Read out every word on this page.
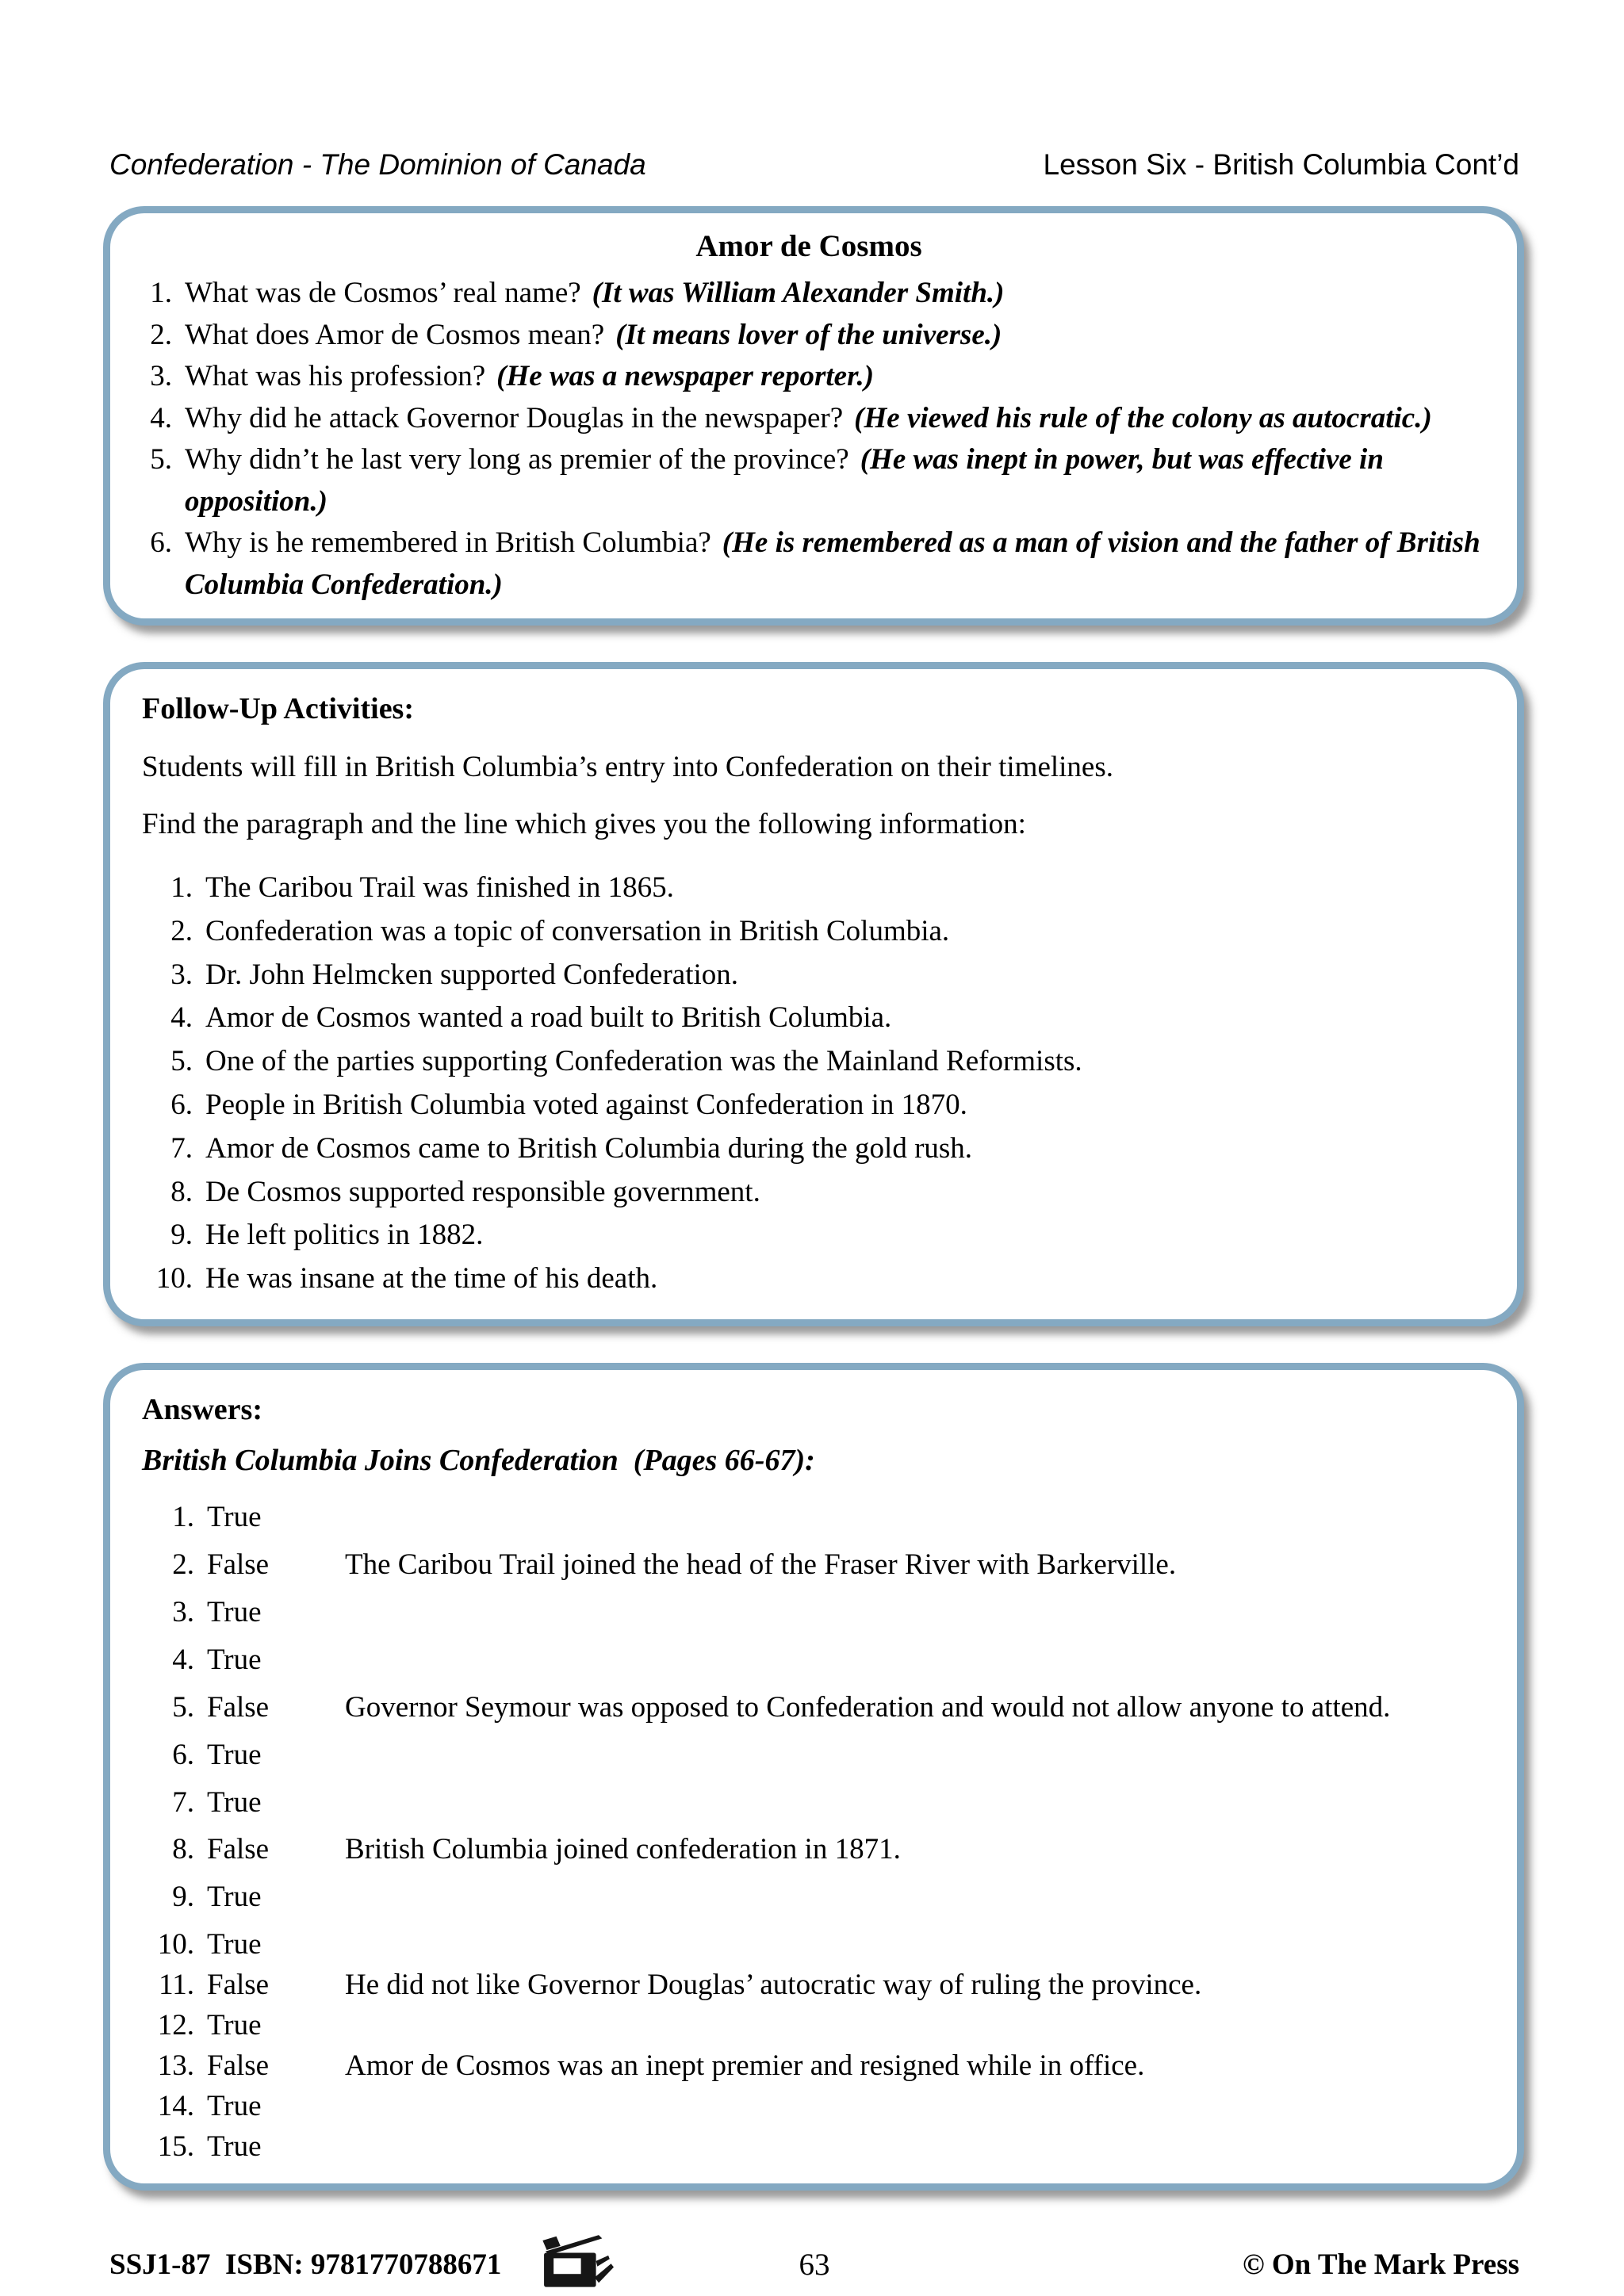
Confederation - The Dominion of Canada	Lesson Six - British Columbia Cont’d
Amor de Cosmos
1. What was de Cosmos’ real name? (It was William Alexander Smith.)
2. What does Amor de Cosmos mean? (It means lover of the universe.)
3. What was his profession? (He was a newspaper reporter.)
4. Why did he attack Governor Douglas in the newspaper? (He viewed his rule of the colony as autocratic.)
5. Why didn’t he last very long as premier of the province? (He was inept in power, but was effective in opposition.)
6. Why is he remembered in British Columbia? (He is remembered as a man of vision and the father of British Columbia Confederation.)
Follow-Up Activities:

Students will fill in British Columbia’s entry into Confederation on their timelines.

Find the paragraph and the line which gives you the following information:

1. The Caribou Trail was finished in 1865.
2. Confederation was a topic of conversation in British Columbia.
3. Dr. John Helmcken supported Confederation.
4. Amor de Cosmos wanted a road built to British Columbia.
5. One of the parties supporting Confederation was the Mainland Reformists.
6. People in British Columbia voted against Confederation in 1870.
7. Amor de Cosmos came to British Columbia during the gold rush.
8. De Cosmos supported responsible government.
9. He left politics in 1882.
10. He was insane at the time of his death.
Answers:
British Columbia Joins Confederation  (Pages 66-67):
1. True
2. False	The Caribou Trail joined the head of the Fraser River with Barkerville.
3. True
4. True
5. False	Governor Seymour was opposed to Confederation and would not allow anyone to attend.
6. True
7. True
8. False	British Columbia joined confederation in 1871.
9. True
10. True
11. False	He did not like Governor Douglas’ autocratic way of ruling the province.
12. True
13. False	Amor de Cosmos was an inept premier and resigned while in office.
14. True
15. True
SSJ1-87  ISBN: 9781770788671	63	© On The Mark Press
